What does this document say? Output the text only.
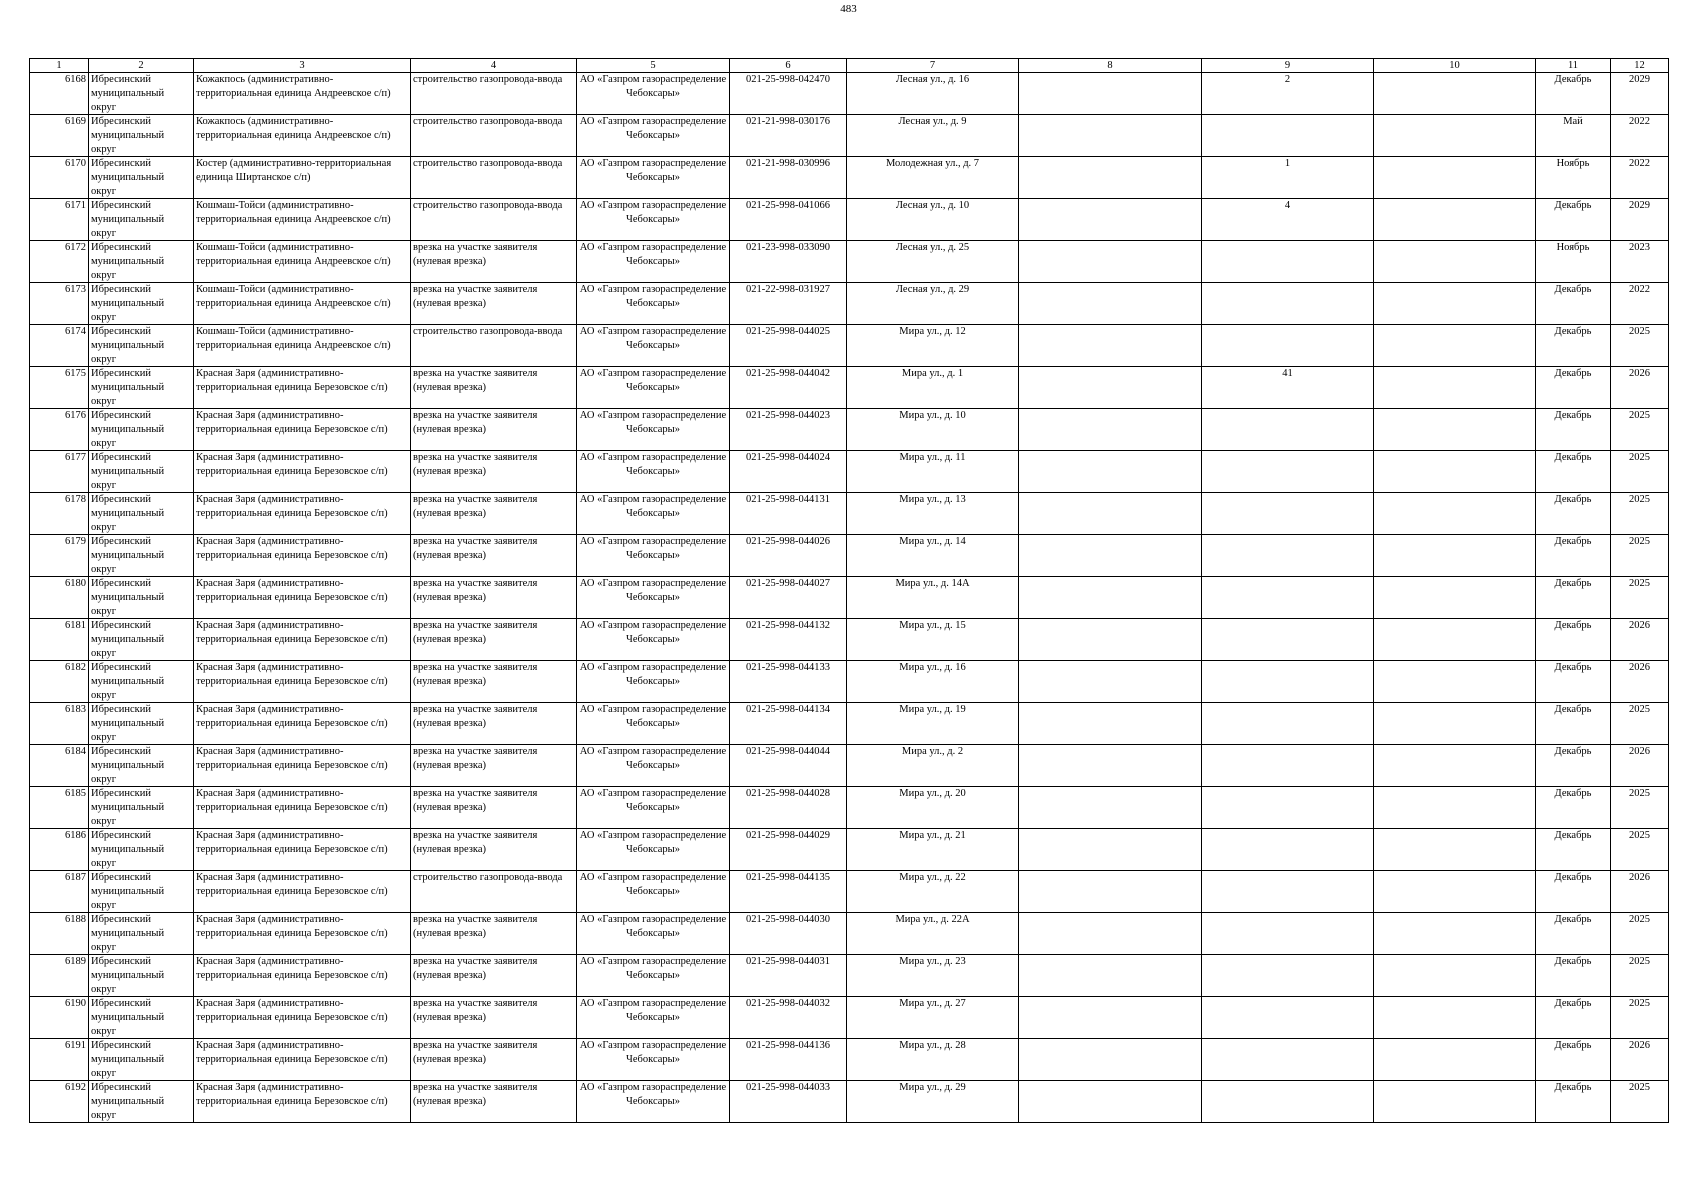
483
1	2	3	4	5	6	7	8	9	10	11	12

6168	Ибресинский муниципальный округ	Кожакпось (административно-территориальная единица Андреевское с/п)	строительство газопровода-ввода	АО «Газпром газораспределение Чебоксары»	021-25-998-042470	Лесная ул., д. 16		2		Декабрь	2029

6169	Ибресинский муниципальный округ	Кожакпось (административно-территориальная единица Андреевское с/п)	строительство газопровода-ввода	АО «Газпром газораспределение Чебоксары»	021-21-998-030176	Лесная ул., д. 9				Май	2022

6170	Ибресинский муниципальный округ	Костер (административно-территориальная единица Ширтанское с/п)	строительство газопровода-ввода	АО «Газпром газораспределение Чебоксары»	021-21-998-030996	Молодежная ул., д. 7		1		Ноябрь	2022

6171	Ибресинский муниципальный округ	Кошмаш-Тойси (административно-территориальная единица Андреевское с/п)	строительство газопровода-ввода	АО «Газпром газораспределение Чебоксары»	021-25-998-041066	Лесная ул., д. 10		4		Декабрь	2029

6172	Ибресинский муниципальный округ	Кошмаш-Тойси (административно-территориальная единица Андреевское с/п)	врезка на участке заявителя (нулевая врезка)	АО «Газпром газораспределение Чебоксары»	021-23-998-033090	Лесная ул., д. 25				Ноябрь	2023

6173	Ибресинский муниципальный округ	Кошмаш-Тойси (административно-территориальная единица Андреевское с/п)	врезка на участке заявителя (нулевая врезка)	АО «Газпром газораспределение Чебоксары»	021-22-998-031927	Лесная ул., д. 29				Декабрь	2022

6174	Ибресинский муниципальный округ	Кошмаш-Тойси (административно-территориальная единица Андреевское с/п)	строительство газопровода-ввода	АО «Газпром газораспределение Чебоксары»	021-25-998-044025	Мира ул., д. 12				Декабрь	2025

6175	Ибресинский муниципальный округ	Красная Заря (административно-территориальная единица Березовское с/п)	врезка на участке заявителя (нулевая врезка)	АО «Газпром газораспределение Чебоксары»	021-25-998-044042	Мира ул., д. 1		41		Декабрь	2026

6176	Ибресинский муниципальный округ	Красная Заря (административно-территориальная единица Березовское с/п)	врезка на участке заявителя (нулевая врезка)	АО «Газпром газораспределение Чебоксары»	021-25-998-044023	Мира ул., д. 10				Декабрь	2025

6177	Ибресинский муниципальный округ	Красная Заря (административно-территориальная единица Березовское с/п)	врезка на участке заявителя (нулевая врезка)	АО «Газпром газораспределение Чебоксары»	021-25-998-044024	Мира ул., д. 11				Декабрь	2025

6178	Ибресинский муниципальный округ	Красная Заря (административно-территориальная единица Березовское с/п)	врезка на участке заявителя (нулевая врезка)	АО «Газпром газораспределение Чебоксары»	021-25-998-044131	Мира ул., д. 13				Декабрь	2025

6179	Ибресинский муниципальный округ	Красная Заря (административно-территориальная единица Березовское с/п)	врезка на участке заявителя (нулевая врезка)	АО «Газпром газораспределение Чебоксары»	021-25-998-044026	Мира ул., д. 14				Декабрь	2025

6180	Ибресинский муниципальный округ	Красная Заря (административно-территориальная единица Березовское с/п)	врезка на участке заявителя (нулевая врезка)	АО «Газпром газораспределение Чебоксары»	021-25-998-044027	Мира ул., д. 14А				Декабрь	2025

6181	Ибресинский муниципальный округ	Красная Заря (административно-территориальная единица Березовское с/п)	врезка на участке заявителя (нулевая врезка)	АО «Газпром газораспределение Чебоксары»	021-25-998-044132	Мира ул., д. 15				Декабрь	2026

6182	Ибресинский муниципальный округ	Красная Заря (административно-территориальная единица Березовское с/п)	врезка на участке заявителя (нулевая врезка)	АО «Газпром газораспределение Чебоксары»	021-25-998-044133	Мира ул., д. 16				Декабрь	2026

6183	Ибресинский муниципальный округ	Красная Заря (административно-территориальная единица Березовское с/п)	врезка на участке заявителя (нулевая врезка)	АО «Газпром газораспределение Чебоксары»	021-25-998-044134	Мира ул., д. 19				Декабрь	2025

6184	Ибресинский муниципальный округ	Красная Заря (административно-территориальная единица Березовское с/п)	врезка на участке заявителя (нулевая врезка)	АО «Газпром газораспределение Чебоксары»	021-25-998-044044	Мира ул., д. 2				Декабрь	2026

6185	Ибресинский муниципальный округ	Красная Заря (административно-территориальная единица Березовское с/п)	врезка на участке заявителя (нулевая врезка)	АО «Газпром газораспределение Чебоксары»	021-25-998-044028	Мира ул., д. 20				Декабрь	2025

6186	Ибресинский муниципальный округ	Красная Заря (административно-территориальная единица Березовское с/п)	врезка на участке заявителя (нулевая врезка)	АО «Газпром газораспределение Чебоксары»	021-25-998-044029	Мира ул., д. 21				Декабрь	2025

6187	Ибресинский муниципальный округ	Красная Заря (административно-территориальная единица Березовское с/п)	строительство газопровода-ввода	АО «Газпром газораспределение Чебоксары»	021-25-998-044135	Мира ул., д. 22				Декабрь	2026

6188	Ибресинский муниципальный округ	Красная Заря (административно-территориальная единица Березовское с/п)	врезка на участке заявителя (нулевая врезка)	АО «Газпром газораспределение Чебоксары»	021-25-998-044030	Мира ул., д. 22А				Декабрь	2025

6189	Ибресинский муниципальный округ	Красная Заря (административно-территориальная единица Березовское с/п)	врезка на участке заявителя (нулевая врезка)	АО «Газпром газораспределение Чебоксары»	021-25-998-044031	Мира ул., д. 23				Декабрь	2025

6190	Ибресинский муниципальный округ	Красная Заря (административно-территориальная единица Березовское с/п)	врезка на участке заявителя (нулевая врезка)	АО «Газпром газораспределение Чебоксары»	021-25-998-044032	Мира ул., д. 27				Декабрь	2025

6191	Ибресинский муниципальный округ	Красная Заря (административно-территориальная единица Березовское с/п)	врезка на участке заявителя (нулевая врезка)	АО «Газпром газораспределение Чебоксары»	021-25-998-044136	Мира ул., д. 28				Декабрь	2026

6192	Ибресинский муниципальный округ	Красная Заря (административно-территориальная единица Березовское с/п)	врезка на участке заявителя (нулевая врезка)	АО «Газпром газораспределение Чебоксары»	021-25-998-044033	Мира ул., д. 29				Декабрь	2025
